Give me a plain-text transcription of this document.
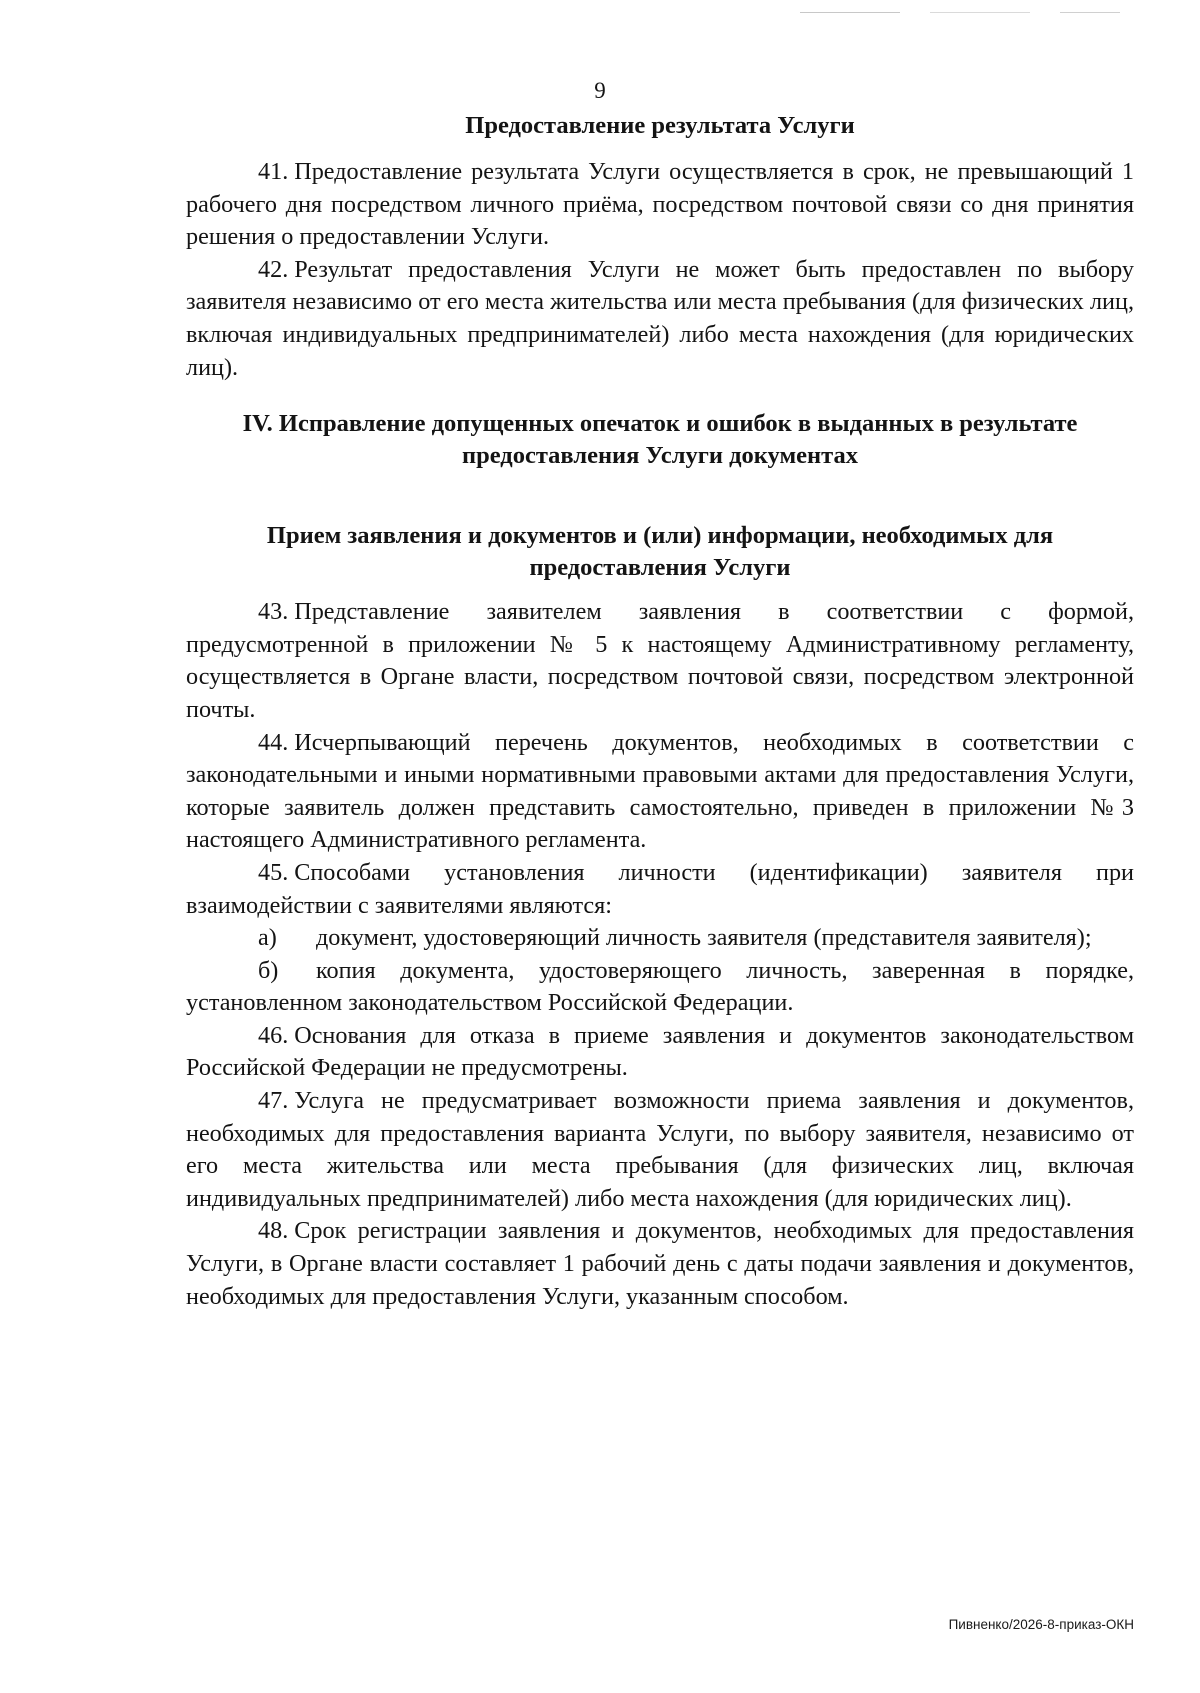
9
Предоставление результата Услуги

41. Предоставление результата Услуги осуществляется в срок, не превышающий 1 рабочего дня посредством личного приёма, посредством почтовой связи со дня принятия решения о предоставлении Услуги.

42. Результат предоставления Услуги не может быть предоставлен по выбору заявителя независимо от его места жительства или места пребывания (для физических лиц, включая индивидуальных предпринимателей) либо места нахождения (для юридических лиц).

IV. Исправление допущенных опечаток и ошибок в выданных в результате предоставления Услуги документах
Прием заявления и документов и (или) информации, необходимых для предоставления Услуги

43. Представление заявителем заявления в соответствии с формой, предусмотренной в приложении № 5 к настоящему Административному регламенту, осуществляется в Органе власти, посредством почтовой связи, посредством электронной почты.

44. Исчерпывающий перечень документов, необходимых в соответствии с законодательными и иными нормативными правовыми актами для предоставления Услуги, которые заявитель должен представить самостоятельно, приведен в приложении №3 настоящего Административного регламента.

45. Способами установления личности (идентификации) заявителя при взаимодействии с заявителями являются:

а) документ, удостоверяющий личность заявителя (представителя заявителя);

б) копия документа, удостоверяющего личность, заверенная в порядке, установленном законодательством Российской Федерации.

46. Основания для отказа в приеме заявления и документов законодательством Российской Федерации не предусмотрены.

47. Услуга не предусматривает возможности приема заявления и документов, необходимых для предоставления варианта Услуги, по выбору заявителя, независимо от его места жительства или места пребывания (для физических лиц, включая индивидуальных предпринимателей) либо места нахождения (для юридических лиц).

48. Срок регистрации заявления и документов, необходимых для предоставления Услуги, в Органе власти составляет 1 рабочий день с даты подачи заявления и документов, необходимых для предоставления Услуги, указанным способом.

Пивненко/2026-8-приказ-ОКН
